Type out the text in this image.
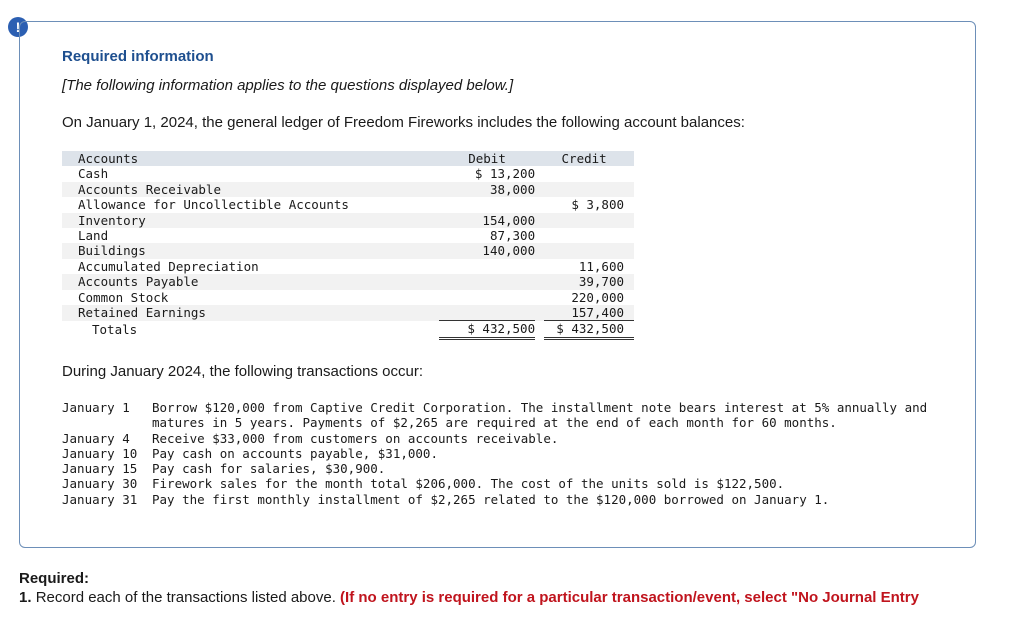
!
Required information
[The following information applies to the questions displayed below.]
On January 1, 2024, the general ledger of Freedom Fireworks includes the following account balances:
Accounts	Debit		Credit
Cash	$ 13,200		
Accounts Receivable	38,000		
Allowance for Uncollectible Accounts			$ 3,800
Inventory	154,000		
Land	87,300		
Buildings	140,000		
Accumulated Depreciation			11,600
Accounts Payable			39,700
Common Stock			220,000
Retained Earnings			157,400
Totals	$ 432,500		$ 432,500
During January 2024, the following transactions occur:
January 1	Borrow $120,000 from Captive Credit Corporation. The installment note bears interest at 5% annually and matures in 5 years. Payments of $2,265 are required at the end of each month for 60 months.
January 4	Receive $33,000 from customers on accounts receivable.
January 10	Pay cash on accounts payable, $31,000.
January 15	Pay cash for salaries, $30,900.
January 30	Firework sales for the month total $206,000. The cost of the units sold is $122,500.
January 31	Pay the first monthly installment of $2,265 related to the $120,000 borrowed on January 1.
Required:
1. Record each of the transactions listed above. (If no entry is required for a particular transaction/event, select "No Journal Entry
